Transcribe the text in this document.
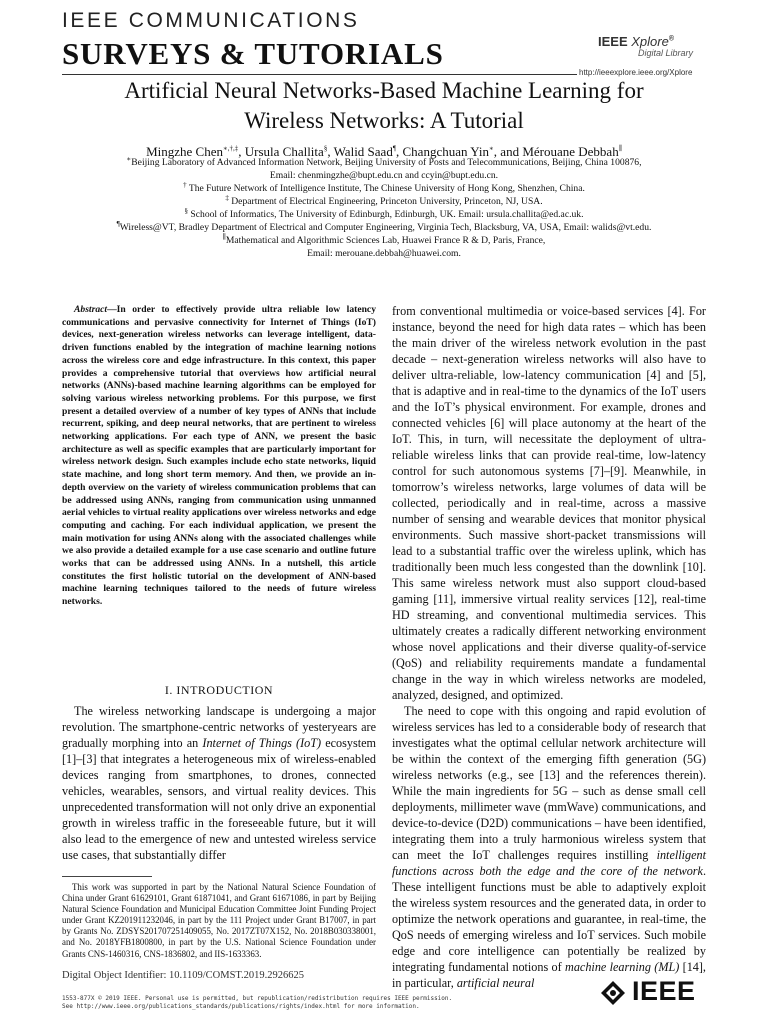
IEEE COMMUNICATIONS
SURVEYS & TUTORIALS	IEEE Xplore®
Digital Library
http://ieeexplore.ieee.org/Xplore
Artificial Neural Networks-Based Machine Learning for
Wireless Networks: A Tutorial
Mingzhe Chen∗,†,‡, Ursula Challita§, Walid Saad¶, Changchuan Yin∗, and Mérouane Debbah∥
∗Beijing Laboratory of Advanced Information Network, Beijing University of Posts and Telecommunications, Beijing, China 100876,
Email: chenmingzhe@bupt.edu.cn and ccyin@bupt.edu.cn.
† The Future Network of Intelligence Institute, The Chinese University of Hong Kong, Shenzhen, China.
‡ Department of Electrical Engineering, Princeton University, Princeton, NJ, USA.
§ School of Informatics, The University of Edinburgh, Edinburgh, UK. Email: ursula.challita@ed.ac.uk.
¶Wireless@VT, Bradley Department of Electrical and Computer Engineering, Virginia Tech, Blacksburg, VA, USA, Email: walids@vt.edu.
∥Mathematical and Algorithmic Sciences Lab, Huawei France R & D, Paris, France,
Email: merouane.debbah@huawei.com.
Abstract—In order to effectively provide ultra reliable low latency communications and pervasive connectivity for Internet of Things (IoT) devices, next-generation wireless networks can leverage intelligent, data-driven functions enabled by the integration of machine learning notions across the wireless core and edge infrastructure. In this context, this paper provides a comprehensive tutorial that overviews how artificial neural networks (ANNs)-based machine learning algorithms can be employed for solving various wireless networking problems. For this purpose, we first present a detailed overview of a number of key types of ANNs that include recurrent, spiking, and deep neural networks, that are pertinent to wireless networking applications. For each type of ANN, we present the basic architecture as well as specific examples that are particularly important for wireless network design. Such examples include echo state networks, liquid state machine, and long short term memory. And then, we provide an in-depth overview on the variety of wireless communication problems that can be addressed using ANNs, ranging from communication using unmanned aerial vehicles to virtual reality applications over wireless networks and edge computing and caching. For each individual application, we present the main motivation for using ANNs along with the associated challenges while we also provide a detailed example for a use case scenario and outline future works that can be addressed using ANNs. In a nutshell, this article constitutes the first holistic tutorial on the development of ANN-based machine learning techniques tailored to the needs of future wireless networks.
I. INTRODUCTION
The wireless networking landscape is undergoing a major revolution. The smartphone-centric networks of yesteryears are gradually morphing into an Internet of Things (IoT) ecosystem [1]–[3] that integrates a heterogeneous mix of wireless-enabled devices ranging from smartphones, to drones, connected vehicles, wearables, sensors, and virtual reality devices. This unprecedented transformation will not only drive an exponential growth in wireless traffic in the foreseeable future, but it will also lead to the emergence of new and untested wireless service use cases, that substantially differ
This work was supported in part by the National Natural Science Foundation of China under Grant 61629101, Grant 61871041, and Grant 61671086, in part by Beijing Natural Science Foundation and Municipal Education Committee Joint Funding Project under Grant KZ201911232046, in part by the 111 Project under Grant B17007, in part by Grants No. ZDSYS201707251409055, No. 2017ZT07X152, No. 2018B030338001, and No. 2018YFB1800800, in part by the U.S. National Science Foundation under Grants CNS-1460316, CNS-1836802, and IIS-1633363.
Digital Object Identifier: 10.1109/COMST.2019.2926625

from conventional multimedia or voice-based services [4]. For instance, beyond the need for high data rates – which has been the main driver of the wireless network evolution in the past decade – next-generation wireless networks will also have to deliver ultra-reliable, low-latency communication [4] and [5], that is adaptive and in real-time to the dynamics of the IoT users and the IoT’s physical environment. For example, drones and connected vehicles [6] will place autonomy at the heart of the IoT. This, in turn, will necessitate the deployment of ultra-reliable wireless links that can provide real-time, low-latency control for such autonomous systems [7]–[9]. Meanwhile, in tomorrow’s wireless networks, large volumes of data will be collected, periodically and in real-time, across a massive number of sensing and wearable devices that monitor physical environments. Such massive short-packet transmissions will lead to a substantial traffic over the wireless uplink, which has traditionally been much less congested than the downlink [10]. This same wireless network must also support cloud-based gaming [11], immersive virtual reality services [12], real-time HD streaming, and conventional multimedia services. This ultimately creates a radically different networking environment whose novel applications and their diverse quality-of-service (QoS) and reliability requirements mandate a fundamental change in the way in which wireless networks are modeled, analyzed, designed, and optimized.

The need to cope with this ongoing and rapid evolution of wireless services has led to a considerable body of research that investigates what the optimal cellular network architecture will be within the context of the emerging fifth generation (5G) wireless networks (e.g., see [13] and the references therein). While the main ingredients for 5G – such as dense small cell deployments, millimeter wave (mmWave) communications, and device-to-device (D2D) communications – have been identified, integrating them into a truly harmonious wireless system that can meet the IoT challenges requires instilling intelligent functions across both the edge and the core of the network. These intelligent functions must be able to adaptively exploit the wireless system resources and the generated data, in order to optimize the network operations and guarantee, in real-time, the QoS needs of emerging wireless and IoT services. Such mobile edge and core intelligence can potentially be realized by integrating fundamental notions of machine learning (ML) [14], in particular, artificial neural

1553-877X © 2019 IEEE. Personal use is permitted, but republication/redistribution requires IEEE permission.
See http://www.ieee.org/publications_standards/publications/rights/index.html for more information.
IEEE
